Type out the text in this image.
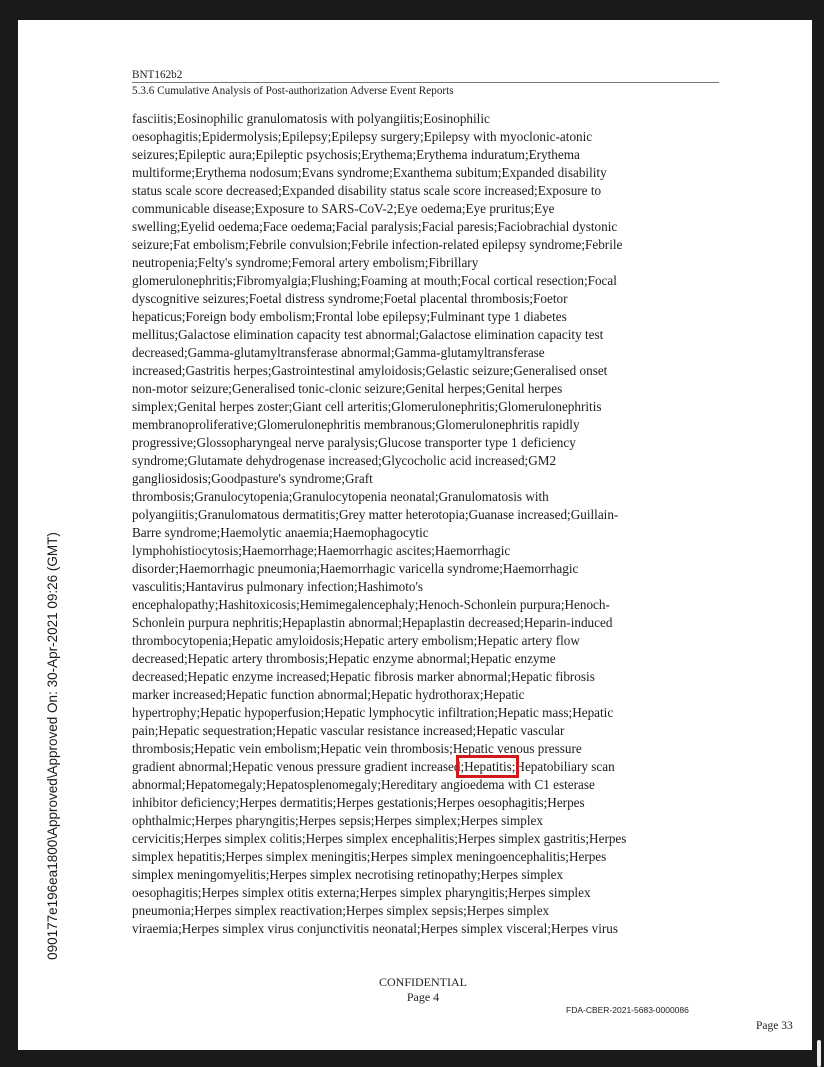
BNT162b2
5.3.6 Cumulative Analysis of Post-authorization Adverse Event Reports
fasciitis;Eosinophilic granulomatosis with polyangiitis;Eosinophilic
oesophagitis;Epidermolysis;Epilepsy;Epilepsy surgery;Epilepsy with myoclonic-atonic
seizures;Epileptic aura;Epileptic psychosis;Erythema;Erythema induratum;Erythema
multiforme;Erythema nodosum;Evans syndrome;Exanthema subitum;Expanded disability
status scale score decreased;Expanded disability status scale score increased;Exposure to
communicable disease;Exposure to SARS-CoV-2;Eye oedema;Eye pruritus;Eye
swelling;Eyelid oedema;Face oedema;Facial paralysis;Facial paresis;Faciobrachial dystonic
seizure;Fat embolism;Febrile convulsion;Febrile infection-related epilepsy syndrome;Febrile
neutropenia;Felty's syndrome;Femoral artery embolism;Fibrillary
glomerulonephritis;Fibromyalgia;Flushing;Foaming at mouth;Focal cortical resection;Focal
dyscognitive seizures;Foetal distress syndrome;Foetal placental thrombosis;Foetor
hepaticus;Foreign body embolism;Frontal lobe epilepsy;Fulminant type 1 diabetes
mellitus;Galactose elimination capacity test abnormal;Galactose elimination capacity test
decreased;Gamma-glutamyltransferase abnormal;Gamma-glutamyltransferase
increased;Gastritis herpes;Gastrointestinal amyloidosis;Gelastic seizure;Generalised onset
non-motor seizure;Generalised tonic-clonic seizure;Genital herpes;Genital herpes
simplex;Genital herpes zoster;Giant cell arteritis;Glomerulonephritis;Glomerulonephritis
membranoproliferative;Glomerulonephritis membranous;Glomerulonephritis rapidly
progressive;Glossopharyngeal nerve paralysis;Glucose transporter type 1 deficiency
syndrome;Glutamate dehydrogenase increased;Glycocholic acid increased;GM2
gangliosidosis;Goodpasture's syndrome;Graft
thrombosis;Granulocytopenia;Granulocytopenia neonatal;Granulomatosis with
polyangiitis;Granulomatous dermatitis;Grey matter heterotopia;Guanase increased;Guillain-
Barre syndrome;Haemolytic anaemia;Haemophagocytic
lymphohistiocytosis;Haemorrhage;Haemorrhagic ascites;Haemorrhagic
disorder;Haemorrhagic pneumonia;Haemorrhagic varicella syndrome;Haemorrhagic
vasculitis;Hantavirus pulmonary infection;Hashimoto's
encephalopathy;Hashitoxicosis;Hemimegalencephaly;Henoch-Schonlein purpura;Henoch-
Schonlein purpura nephritis;Hepaplastin abnormal;Hepaplastin decreased;Heparin-induced
thrombocytopenia;Hepatic amyloidosis;Hepatic artery embolism;Hepatic artery flow
decreased;Hepatic artery thrombosis;Hepatic enzyme abnormal;Hepatic enzyme
decreased;Hepatic enzyme increased;Hepatic fibrosis marker abnormal;Hepatic fibrosis
marker increased;Hepatic function abnormal;Hepatic hydrothorax;Hepatic
hypertrophy;Hepatic hypoperfusion;Hepatic lymphocytic infiltration;Hepatic mass;Hepatic
pain;Hepatic sequestration;Hepatic vascular resistance increased;Hepatic vascular
thrombosis;Hepatic vein embolism;Hepatic vein thrombosis;Hepatic venous pressure
gradient abnormal;Hepatic venous pressure gradient increased;Hepatitis;Hepatobiliary scan
abnormal;Hepatomegaly;Hepatosplenomegaly;Hereditary angioedema with C1 esterase
inhibitor deficiency;Herpes dermatitis;Herpes gestationis;Herpes oesophagitis;Herpes
ophthalmic;Herpes pharyngitis;Herpes sepsis;Herpes simplex;Herpes simplex
cervicitis;Herpes simplex colitis;Herpes simplex encephalitis;Herpes simplex gastritis;Herpes
simplex hepatitis;Herpes simplex meningitis;Herpes simplex meningoencephalitis;Herpes
simplex meningomyelitis;Herpes simplex necrotising retinopathy;Herpes simplex
oesophagitis;Herpes simplex otitis externa;Herpes simplex pharyngitis;Herpes simplex
pneumonia;Herpes simplex reactivation;Herpes simplex sepsis;Herpes simplex
viraemia;Herpes simplex virus conjunctivitis neonatal;Herpes simplex visceral;Herpes virus
CONFIDENTIAL
Page 4
FDA-CBER-2021-5683-0000086
Page 33
090177e196ea1800\Approved\Approved On: 30-Apr-2021 09:26 (GMT)
